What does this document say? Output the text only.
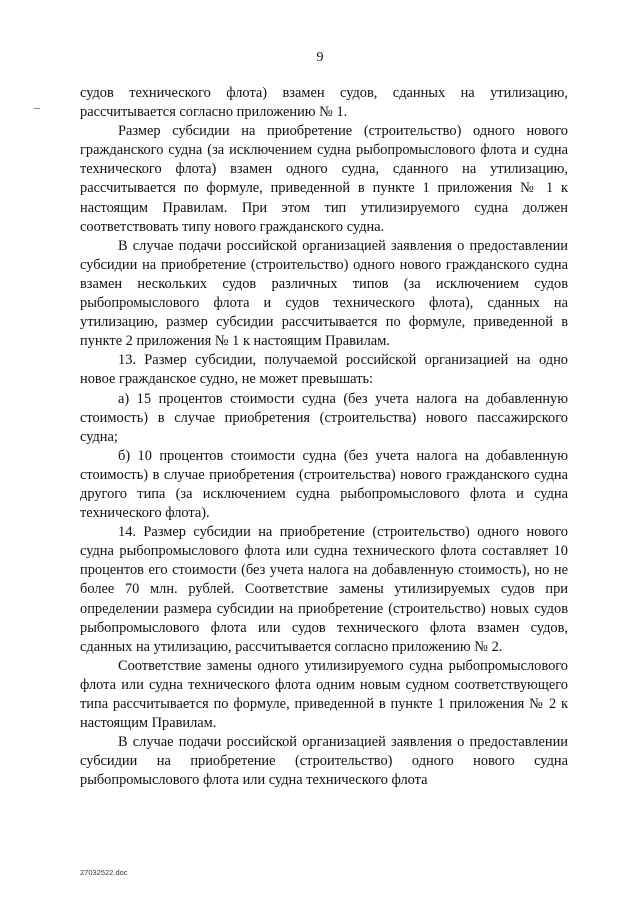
9

судов технического флота) взамен судов, сданных на утилизацию, рассчитывается согласно приложению № 1.

Размер субсидии на приобретение (строительство) одного нового гражданского судна (за исключением судна рыбопромыслового флота и судна технического флота) взамен одного судна, сданного на утилизацию, рассчитывается по формуле, приведенной в пункте 1 приложения № 1 к настоящим Правилам. При этом тип утилизируемого судна должен соответствовать типу нового гражданского судна.

В случае подачи российской организацией заявления о предоставлении субсидии на приобретение (строительство) одного нового гражданского судна взамен нескольких судов различных типов (за исключением судов рыбопромыслового флота и судов технического флота), сданных на утилизацию, размер субсидии рассчитывается по формуле, приведенной в пункте 2 приложения № 1 к настоящим Правилам.

13. Размер субсидии, получаемой российской организацией на одно новое гражданское судно, не может превышать:

а) 15 процентов стоимости судна (без учета налога на добавленную стоимость) в случае приобретения (строительства) нового пассажирского судна;

б) 10 процентов стоимости судна (без учета налога на добавленную стоимость) в случае приобретения (строительства) нового гражданского судна другого типа (за исключением судна рыбопромыслового флота и судна технического флота).

14. Размер субсидии на приобретение (строительство) одного нового судна рыбопромыслового флота или судна технического флота составляет 10 процентов его стоимости (без учета налога на добавленную стоимость), но не более 70 млн. рублей. Соответствие замены утилизируемых судов при определении размера субсидии на приобретение (строительство) новых судов рыбопромыслового флота или судов технического флота взамен судов, сданных на утилизацию, рассчитывается согласно приложению № 2.

Соответствие замены одного утилизируемого судна рыбопромыслового флота или судна технического флота одним новым судном соответствующего типа рассчитывается по формуле, приведенной в пункте 1 приложения № 2 к настоящим Правилам.

В случае подачи российской организацией заявления о предоставлении субсидии на приобретение (строительство) одного нового судна рыбопромыслового флота или судна технического флота

27032522.doc
